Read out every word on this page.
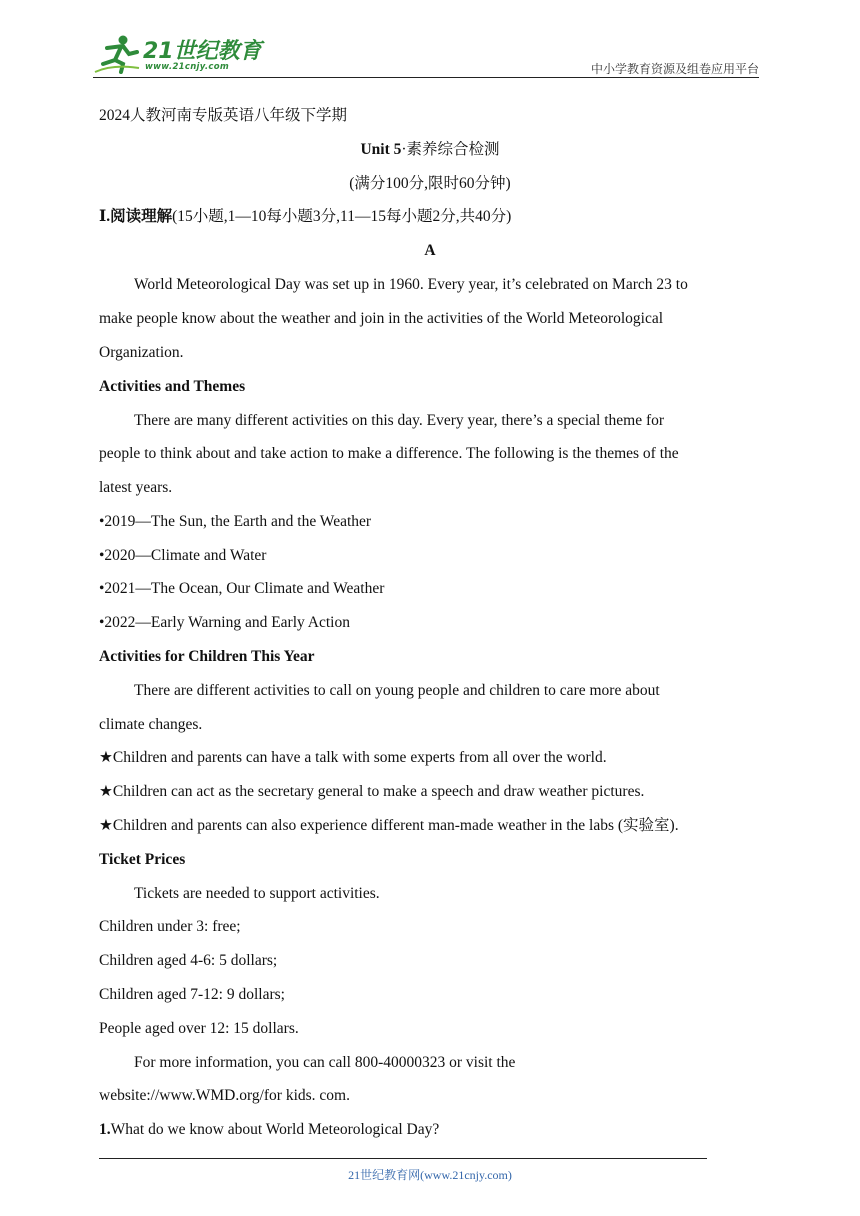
21世纪教育
www.21cnjy.com	中小学教育资源及组卷应用平台
2024人教河南专版英语八年级下学期
Unit 5·素养综合检测
(满分100分,限时60分钟)
Ⅰ.阅读理解(15小题,1—10每小题3分,11—15每小题2分,共40分)
A
World Meteorological Day was set up in 1960. Every year, it’s celebrated on March 23 to
make people know about the weather and join in the activities of the World Meteorological
Organization.
Activities and Themes
There are many different activities on this day. Every year, there’s a special theme for
people to think about and take action to make a difference. The following is the themes of the
latest years.
•2019—The Sun, the Earth and the Weather
•2020—Climate and Water
•2021—The Ocean, Our Climate and Weather
•2022—Early Warning and Early Action
Activities for Children This Year
There are different activities to call on young people and children to care more about
climate changes.
★Children and parents can have a talk with some experts from all over the world.
★Children can act as the secretary general to make a speech and draw weather pictures.
★Children and parents can also experience different man-made weather in the labs (实验室).
Ticket Prices
Tickets are needed to support activities.
Children under 3: free;
Children aged 4-6: 5 dollars;
Children aged 7-12: 9 dollars;
People aged over 12: 15 dollars.
For more information, you can call 800-40000323 or visit the
website://www.WMD.org/for kids. com.
1.What do we know about World Meteorological Day?
21世纪教育网(www.21cnjy.com)
